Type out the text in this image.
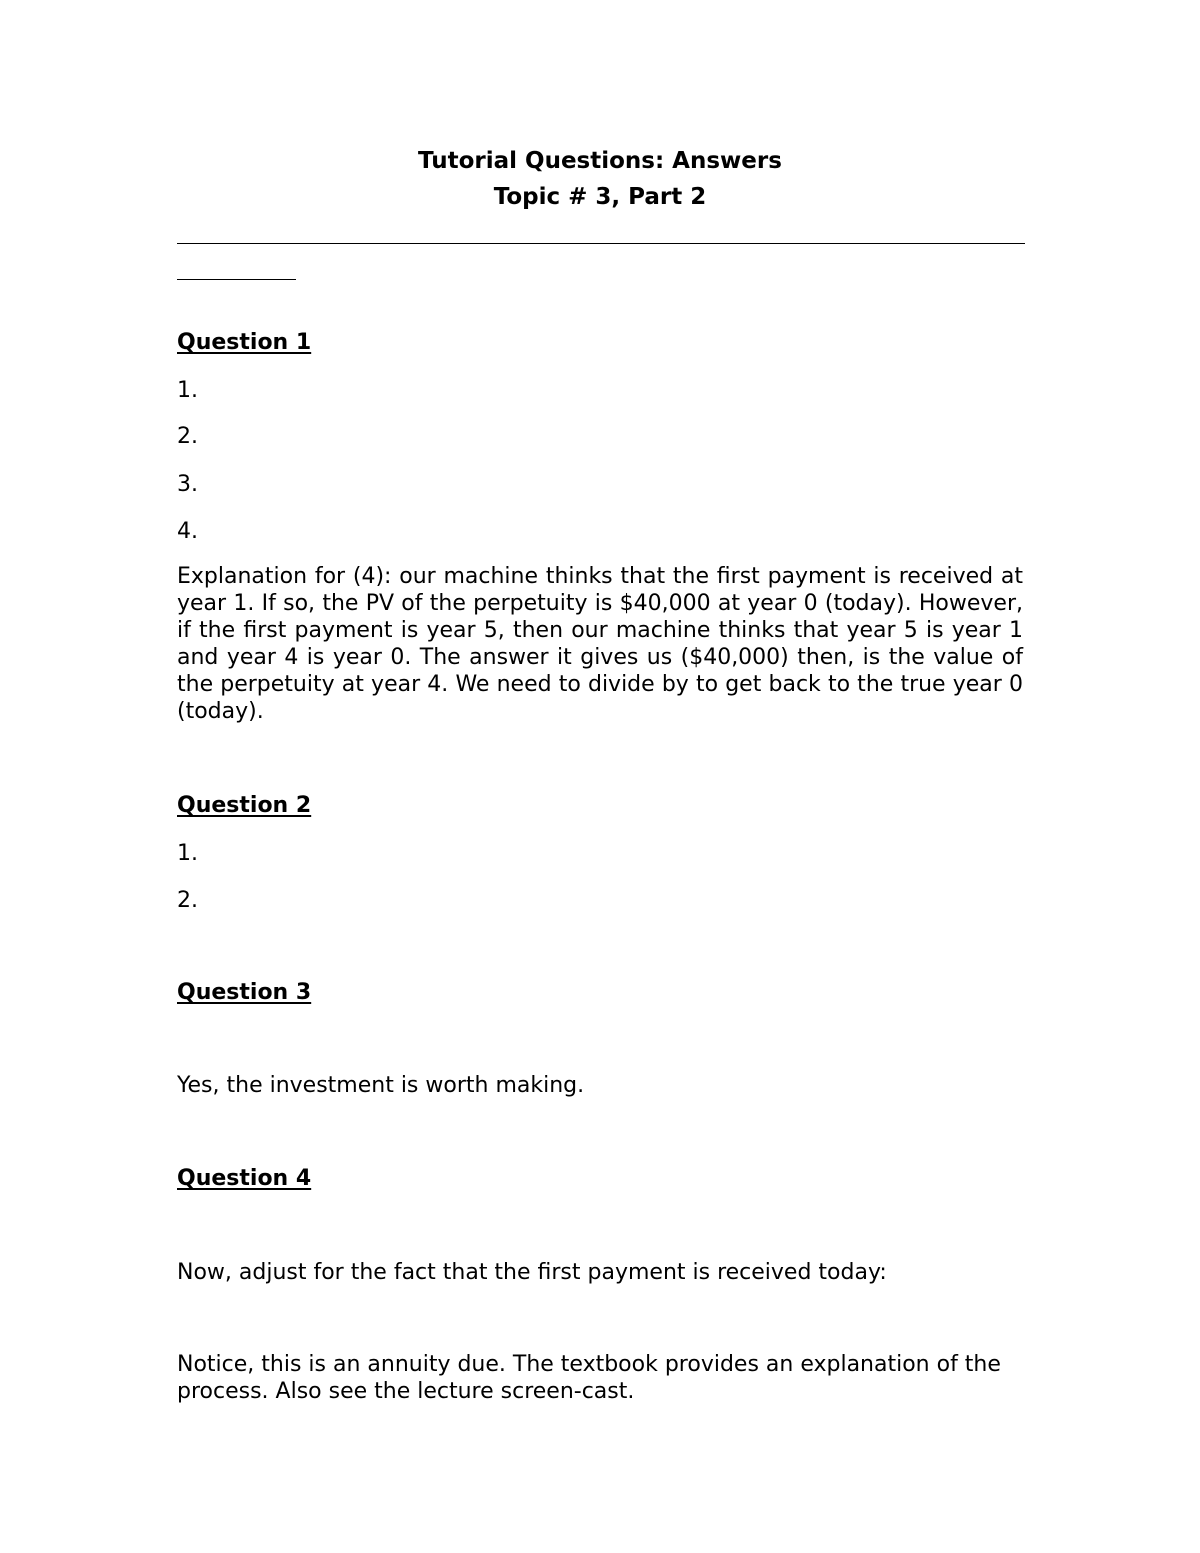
Tutorial Questions: Answers
Topic # 3, Part 2
Question 1
1.
2.
3.
4.
Explanation for (4): our machine thinks that the first payment is received at year 1. If so, the PV of the perpetuity is $40,000 at year 0 (today). However, if the first payment is year 5, then our machine thinks that year 5 is year 1 and year 4 is year 0. The answer it gives us ($40,000) then, is the value of the perpetuity at year 4. We need to divide by to get back to the true year 0 (today).
Question 2
1.
2.
Question 3
Yes, the investment is worth making.
Question 4
Now, adjust for the fact that the first payment is received today:
Notice, this is an annuity due. The textbook provides an explanation of the process. Also see the lecture screen-cast.
